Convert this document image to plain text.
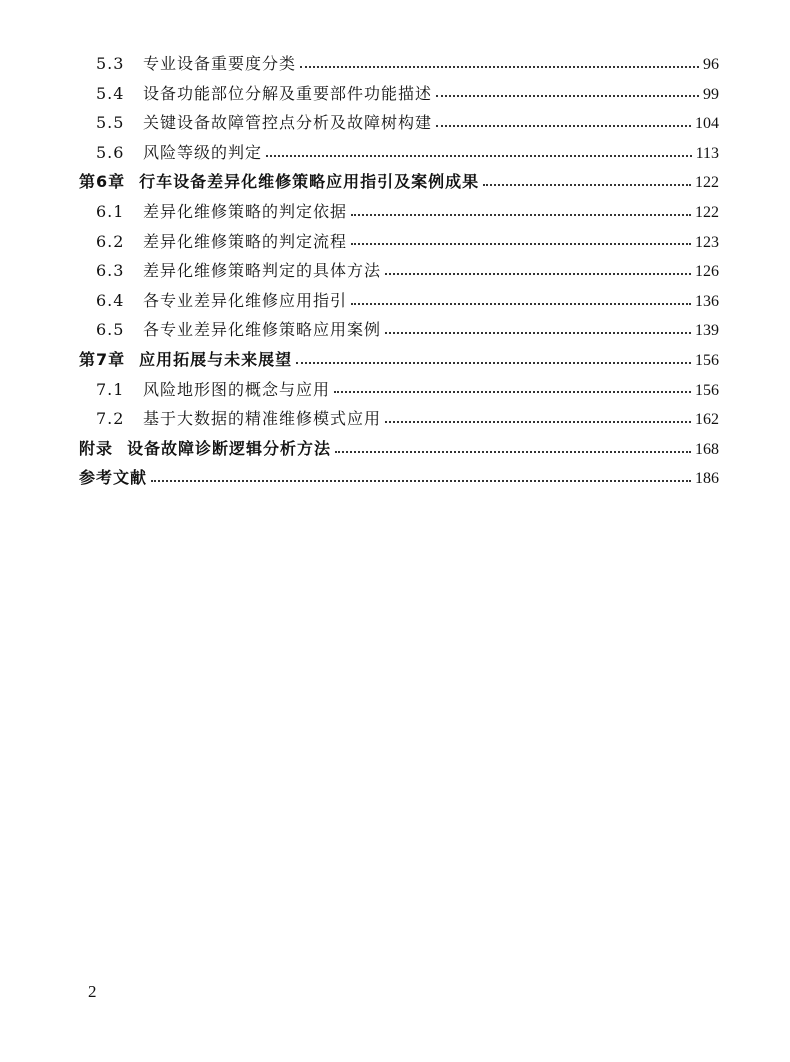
5.3	专业设备重要度分类	96
5.4	设备功能部位分解及重要部件功能描述	99
5.5	关键设备故障管控点分析及故障树构建	104
5.6	风险等级的判定	113
第6章 行车设备差异化维修策略应用指引及案例成果	122
6.1	差异化维修策略的判定依据	122
6.2	差异化维修策略的判定流程	123
6.3	差异化维修策略判定的具体方法	126
6.4	各专业差异化维修应用指引	136
6.5	各专业差异化维修策略应用案例	139
第7章 应用拓展与未来展望	156
7.1	风险地形图的概念与应用	156
7.2	基于大数据的精准维修模式应用	162
附录 设备故障诊断逻辑分析方法	168
参考文献	186
2
